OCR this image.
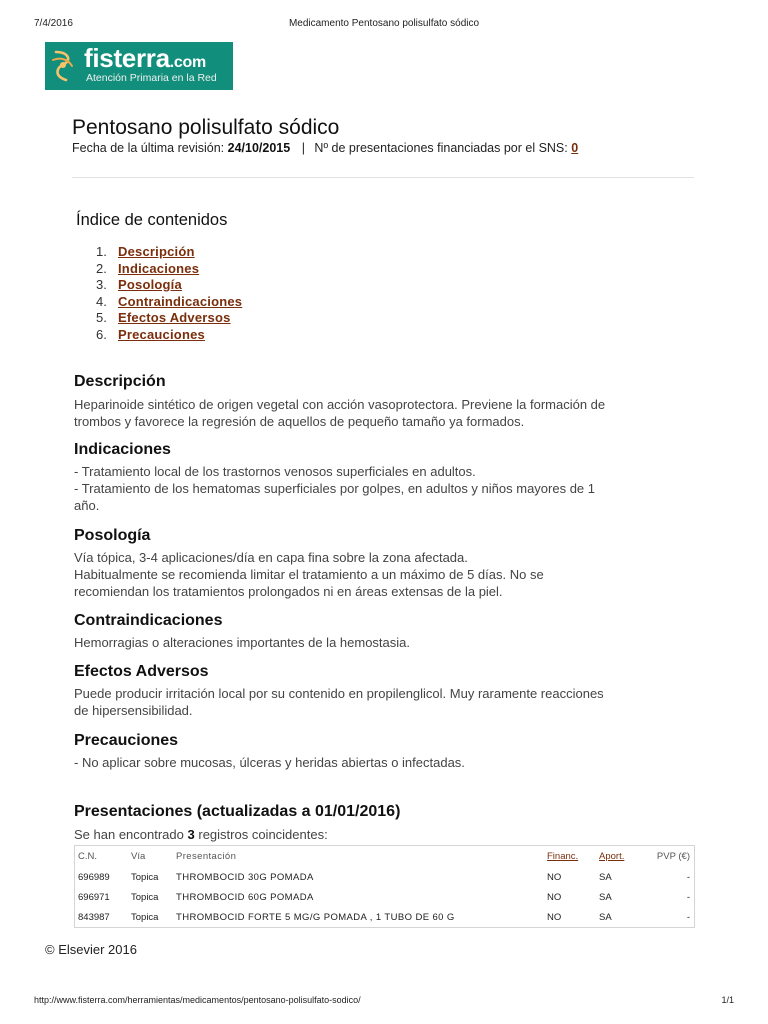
7/4/2016	Medicamento Pentosano polisulfato sódico
fisterra.com
Atención Primaria en la Red
Pentosano polisulfato sódico
Fecha de la última revisión: 24/10/2015 | Nº de presentaciones financiadas por el SNS: 0
Índice de contenidos
1. Descripción
2. Indicaciones
3. Posología
4. Contraindicaciones
5. Efectos Adversos
6. Precauciones
Descripción
Heparinoide sintético de origen vegetal con acción vasoprotectora. Previene la formación de
trombos y favorece la regresión de aquellos de pequeño tamaño ya formados.
Indicaciones
- Tratamiento local de los trastornos venosos superficiales en adultos.
- Tratamiento de los hematomas superficiales por golpes, en adultos y niños mayores de 1
año.
Posología
Vía tópica, 3-4 aplicaciones/día en capa fina sobre la zona afectada.
Habitualmente se recomienda limitar el tratamiento a un máximo de 5 días. No se
recomiendan los tratamientos prolongados ni en áreas extensas de la piel.
Contraindicaciones
Hemorragias o alteraciones importantes de la hemostasia.
Efectos Adversos
Puede producir irritación local por su contenido en propilenglicol. Muy raramente reacciones
de hipersensibilidad.
Precauciones
- No aplicar sobre mucosas, úlceras y heridas abiertas o infectadas.
Presentaciones (actualizadas a 01/01/2016)
Se han encontrado 3 registros coincidentes:
C.N.	Vía	Presentación	Financ. Aport.	PVP (€)
696989 Topica THROMBOCID 30G POMADA	NO	SA	-
696971 Topica THROMBOCID 60G POMADA	NO	SA	-
843987 Topica THROMBOCID FORTE 5 MG/G POMADA , 1 TUBO DE 60 G	NO	SA	-
© Elsevier 2016
http://www.fisterra.com/herramientas/medicamentos/pentosano-polisulfato-sodico/	1/1
